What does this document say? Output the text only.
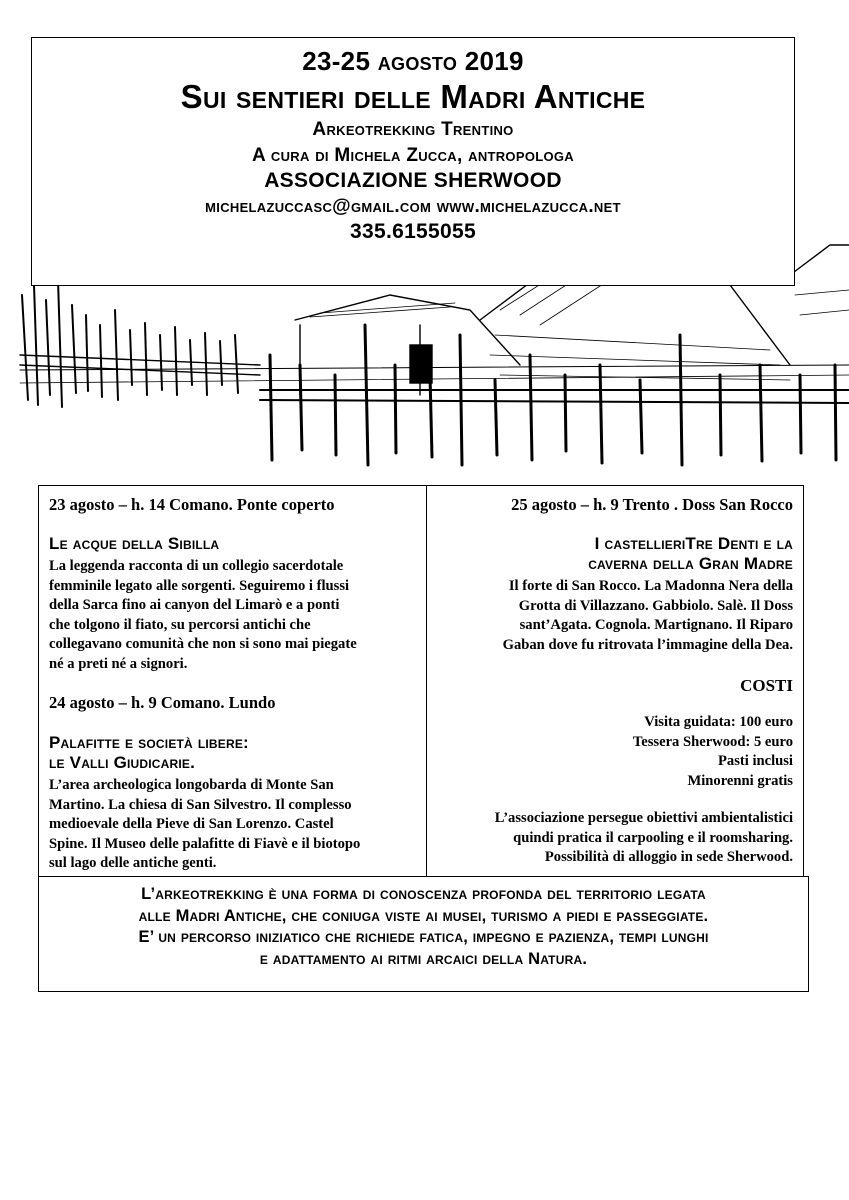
23-25 agosto 2019
Sui sentieri delle Madri Antiche
Arkeotrekking Trentino
A cura di Michela Zucca, antropologa
ASSOCIAZIONE SHERWOOD
michelazuccasc@gmail.com www.michelazucca.net
335.6155055
23 agosto – h. 14 Comano. Ponte coperto
Le acque della Sibilla
La leggenda racconta di un collegio sacerdotale
femminile legato alle sorgenti. Seguiremo i flussi
della Sarca fino ai canyon del Limarò e a ponti
che tolgono il fiato, su percorsi antichi che
collegavano comunità che non si sono mai piegate
né a preti né a signori.
24 agosto – h. 9 Comano. Lundo
Palafitte e società libere:
le Valli Giudicarie.
L’area archeologica longobarda di Monte San
Martino. La chiesa di San Silvestro. Il complesso
medioevale della Pieve di San Lorenzo. Castel
Spine. Il Museo delle palafitte di Fiavè e il biotopo
sul lago delle antiche genti.
25 agosto – h. 9 Trento . Doss San Rocco
I castellieriTre Denti e la
caverna della Gran Madre
Il forte di San Rocco. La Madonna Nera della
Grotta di Villazzano. Gabbiolo. Salè. Il Doss
sant’Agata. Cognola. Martignano. Il Riparo
Gaban dove fu ritrovata l’immagine della Dea.
COSTI
Visita guidata: 100 euro
Tessera Sherwood: 5 euro
Pasti inclusi
Minorenni gratis
L’associazione persegue obiettivi ambientalistici
quindi pratica il carpooling e il roomsharing.
Possibilità di alloggio in sede Sherwood.
L’arkeotrekking è una forma di conoscenza profonda del territorio legata
alle Madri Antiche, che coniuga viste ai musei, turismo a piedi e passeggiate.
E’ un percorso iniziatico che richiede fatica, impegno e pazienza, tempi lunghi
e adattamento ai ritmi arcaici della Natura.
